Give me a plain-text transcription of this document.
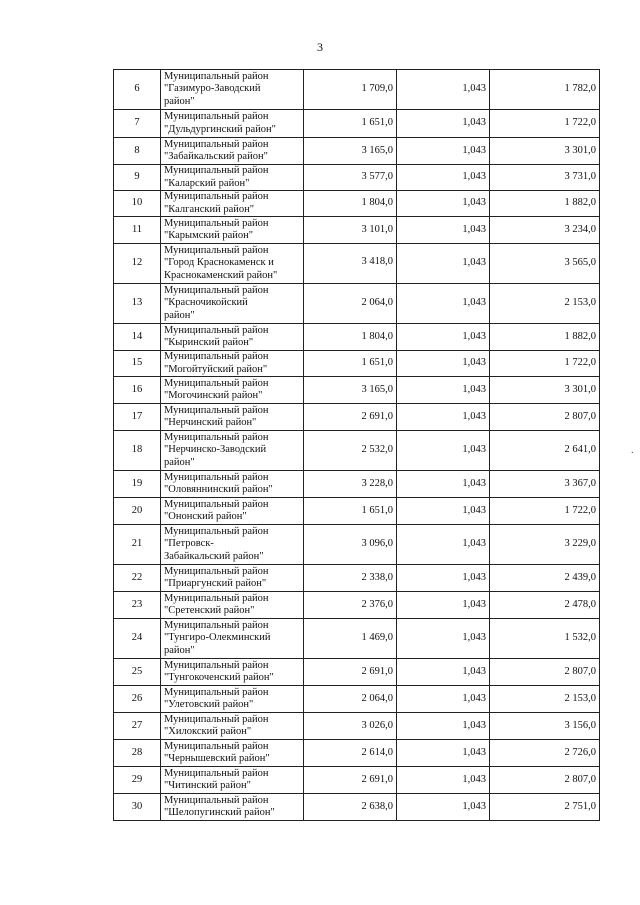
3
6	Муниципальный район
"Газимуро-Заводский
район"	1 709,0	1,043	1 782,0
7	Муниципальный район
"Дульдургинский район"	1 651,0	1,043	1 722,0
8	Муниципальный район
"Забайкальский район"	3 165,0	1,043	3 301,0
9	Муниципальный район
"Каларский район"	3 577,0	1,043	3 731,0
10	Муниципальный район
"Калганский район"	1 804,0	1,043	1 882,0
11	Муниципальный район
"Карымский район"	3 101,0	1,043	3 234,0
12	Муниципальный район
"Город Краснокаменск и
Краснокаменский район"	3 418,0	1,043	3 565,0
13	Муниципальный район
"Красночикойский
район"	2 064,0	1,043	2 153,0
14	Муниципальный район
"Кыринский район"	1 804,0	1,043	1 882,0
15	Муниципальный район
"Могойтуйский район"	1 651,0	1,043	1 722,0
16	Муниципальный район
"Могочинский район"	3 165,0	1,043	3 301,0
17	Муниципальный район
"Нерчинский район"	2 691,0	1,043	2 807,0
18	Муниципальный район
"Нерчинско-Заводский
район"	2 532,0	1,043	2 641,0
19	Муниципальный район
"Оловяннинский район"	3 228,0	1,043	3 367,0
20	Муниципальный район
"Ононский район"	1 651,0	1,043	1 722,0
21	Муниципальный район
"Петровск-
Забайкальский район"	3 096,0	1,043	3 229,0
22	Муниципальный район
"Приаргунский район"	2 338,0	1,043	2 439,0
23	Муниципальный район
"Сретенский район"	2 376,0	1,043	2 478,0
24	Муниципальный район
"Тунгиро-Олекминский
район"	1 469,0	1,043	1 532,0
25	Муниципальный район
"Тунгокоченский район"	2 691,0	1,043	2 807,0
26	Муниципальный район
"Улетовский район"	2 064,0	1,043	2 153,0
27	Муниципальный район
"Хилокский район"	3 026,0	1,043	3 156,0
28	Муниципальный район
"Чернышевский район"	2 614,0	1,043	2 726,0
29	Муниципальный район
"Читинский район"	2 691,0	1,043	2 807,0
30	Муниципальный район
"Шелопугинский район"	2 638,0	1,043	2 751,0
·
